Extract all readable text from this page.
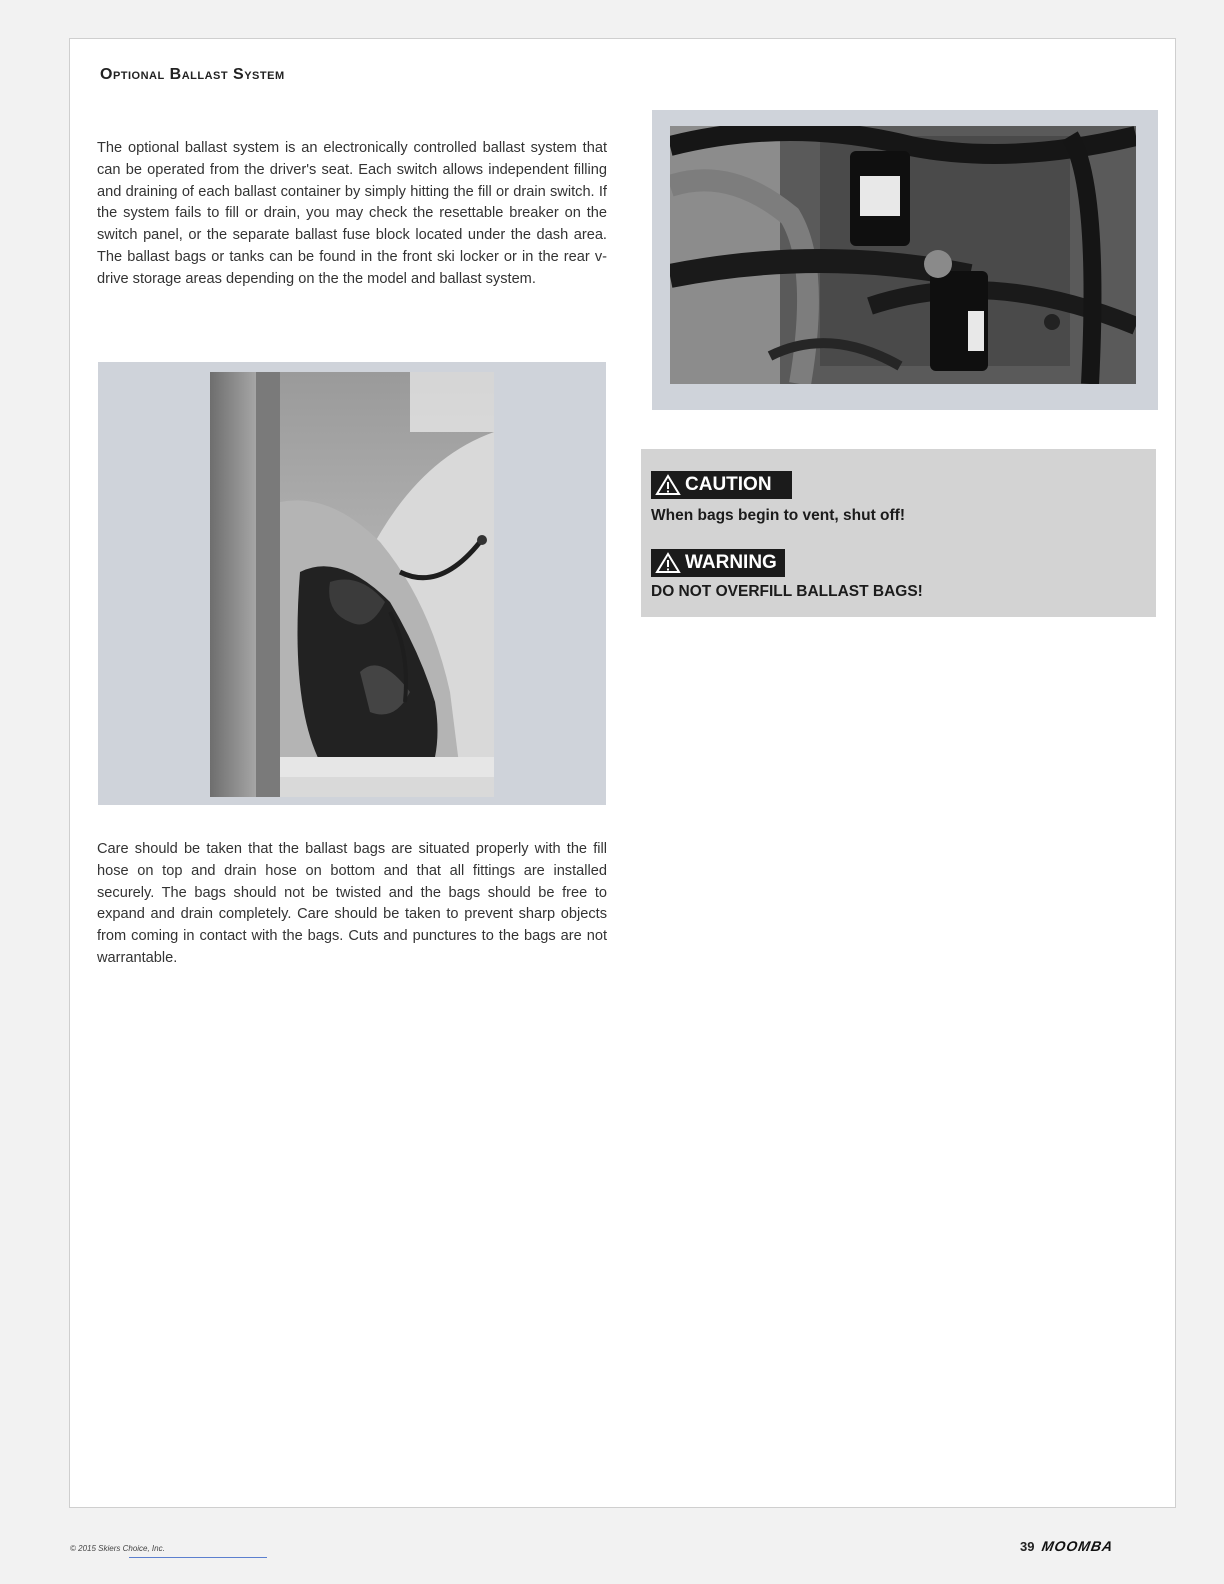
Optional Ballast System

The optional ballast system is an electronically controlled ballast system that can be operated from the driver's seat. Each switch allows independent filling and draining of each ballast container by simply hitting the fill or drain switch. If the system fails to fill or drain, you may check the resettable breaker on the switch panel, or the separate ballast fuse block located under the dash area. The ballast bags or tanks can be found in the front ski locker or in the rear v-drive storage areas depending on the the model and ballast system.

CAUTION

When bags begin to vent, shut off!

WARNING

DO NOT OVERFILL BALLAST BAGS!

Care should be taken that the ballast bags are situated properly with the fill hose on top and drain hose on bottom and that all fittings are installed securely. The bags should not be twisted and the bags should be free to expand and drain completely. Care should be taken to prevent sharp objects from coming in contact with the bags. Cuts and punctures to the bags are not warrantable.

© 2015 Skiers Choice, Inc.	39 MOOMBA
